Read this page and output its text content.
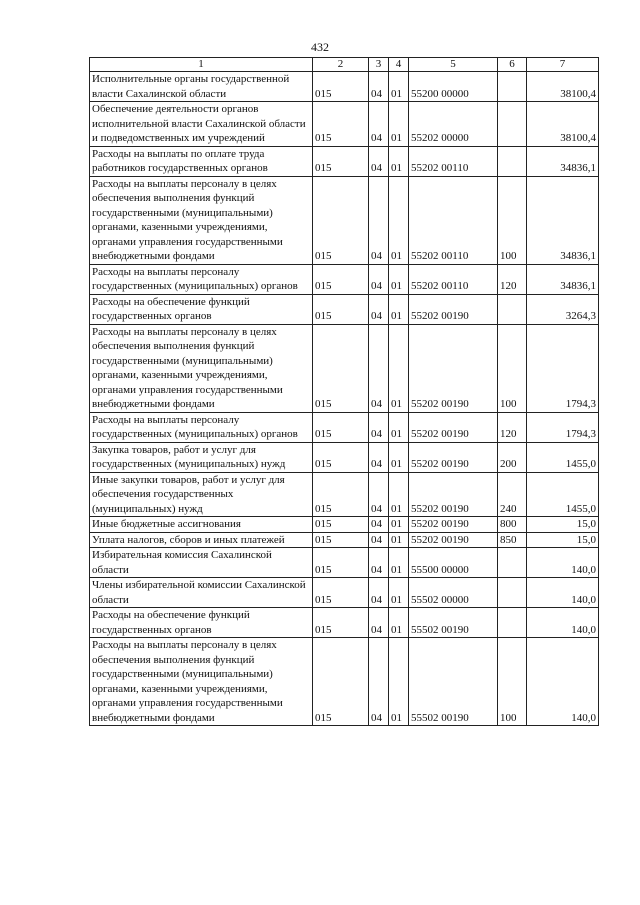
432
1	2	3	4	5	6	7
Исполнительные органы государственной власти Сахалинской области	015	04	01	55200 00000		38100,4
Обеспечение деятельности органов исполнительной власти Сахалинской области и подведомственных им учреждений	015	04	01	55202 00000		38100,4
Расходы на выплаты по оплате труда работников государственных органов	015	04	01	55202 00110		34836,1
Расходы на выплаты персоналу в целях обеспечения выполнения функций государственными (муниципальными) органами, казенными учреждениями, органами управления государственными внебюджетными фондами	015	04	01	55202 00110	100	34836,1
Расходы на выплаты персоналу государственных (муниципальных) органов	015	04	01	55202 00110	120	34836,1
Расходы на обеспечение функций государственных органов	015	04	01	55202 00190		3264,3
Расходы на выплаты персоналу в целях обеспечения выполнения функций государственными (муниципальными) органами, казенными учреждениями, органами управления государственными внебюджетными фондами	015	04	01	55202 00190	100	1794,3
Расходы на выплаты персоналу государственных (муниципальных) органов	015	04	01	55202 00190	120	1794,3
Закупка товаров, работ и услуг для государственных (муниципальных) нужд	015	04	01	55202 00190	200	1455,0
Иные закупки товаров, работ и услуг для обеспечения государственных (муниципальных) нужд	015	04	01	55202 00190	240	1455,0
Иные бюджетные ассигнования	015	04	01	55202 00190	800	15,0
Уплата налогов, сборов и иных платежей	015	04	01	55202 00190	850	15,0
Избирательная комиссия Сахалинской области	015	04	01	55500 00000		140,0
Члены избирательной комиссии Сахалинской области	015	04	01	55502 00000		140,0
Расходы на обеспечение функций государственных органов	015	04	01	55502 00190		140,0
Расходы на выплаты персоналу в целях обеспечения выполнения функций государственными (муниципальными) органами, казенными учреждениями, органами управления государственными внебюджетными фондами	015	04	01	55502 00190	100	140,0
